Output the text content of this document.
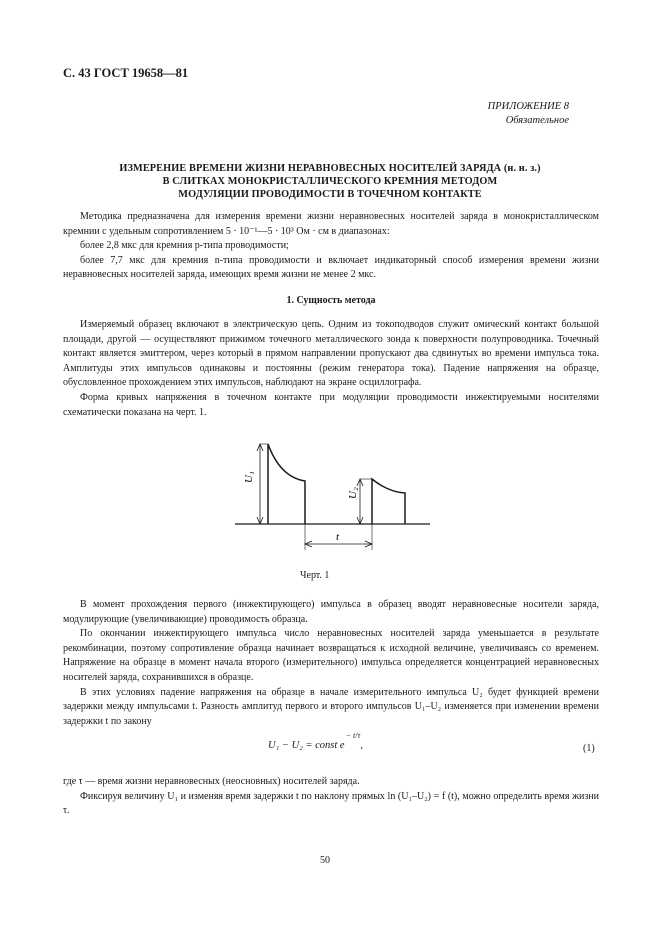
С. 43 ГОСТ 19658—81
ПРИЛОЖЕНИЕ 8
Обязательное
ИЗМЕРЕНИЕ ВРЕМЕНИ ЖИЗНИ НЕРАВНОВЕСНЫХ НОСИТЕЛЕЙ ЗАРЯДА (н. н. з.)
В СЛИТКАХ МОНОКРИСТАЛЛИЧЕСКОГО КРЕМНИЯ МЕТОДОМ
МОДУЛЯЦИИ ПРОВОДИМОСТИ В ТОЧЕЧНОМ КОНТАКТЕ

Методика предназначена для измерения времени жизни неравновесных носителей заряда в монокристаллическом кремнии с удельным сопротивлением 5 · 10⁻¹—5 · 10³ Ом · см в диапазонах:

более 2,8 мкс для кремния p-типа проводимости;

более 7,7 мкс для кремния n-типа проводимости и включает индикаторный способ измерения времени жизни неравновесных носителей заряда, имеющих время жизни не менее 2 мкс.

1. Сущность метода

Измеряемый образец включают в электрическую цепь. Одним из токоподводов служит омический контакт большой площади, другой — осуществляют прижимом точечного металлического зонда к поверхности полупроводника. Точечный контакт является эмиттером, через который в прямом направлении пропускают два сдвинутых во времени импульса тока. Амплитуды этих импульсов одинаковы и постоянны (режим генератора тока). Падение напряжения на образце, обусловленное прохождением этих импульсов, наблюдают на экране осциллографа.

Форма кривых напряжения в точечном контакте при модуляции проводимости инжектируемыми носителями схематически показана на черт. 1.

U₁
U₂
t
Черт. 1

В момент прохождения первого (инжектирующего) импульса в образец вводят неравновесные носители заряда, модулирующие (увеличивающие) проводимость образца.

По окончании инжектирующего импульса число неравновесных носителей заряда уменьшается в результате рекомбинации, поэтому сопротивление образца начинает возвращаться к исходной величине, увеличиваясь со временем. Напряжение на образце в момент начала второго (измерительного) импульса определяется концентрацией неравновесных носителей заряда, сохранившихся в образце.

В этих условиях падение напряжения на образце в начале измерительного импульса U₂ будет функцией времени задержки между импульсами t. Разность амплитуд первого и второго импульсов U₁–U₂ изменяется при изменении времени задержки t по закону

U₁ − U₂ = const $e^{- t/\tau}$,	(1)
где τ — время жизни неравновесных (неосновных) носителей заряда.
Фиксируя величину U₁ и изменяя время задержки t по наклону прямых ln (U₁–U₂) = f (t), можно определить время жизни τ.
50
